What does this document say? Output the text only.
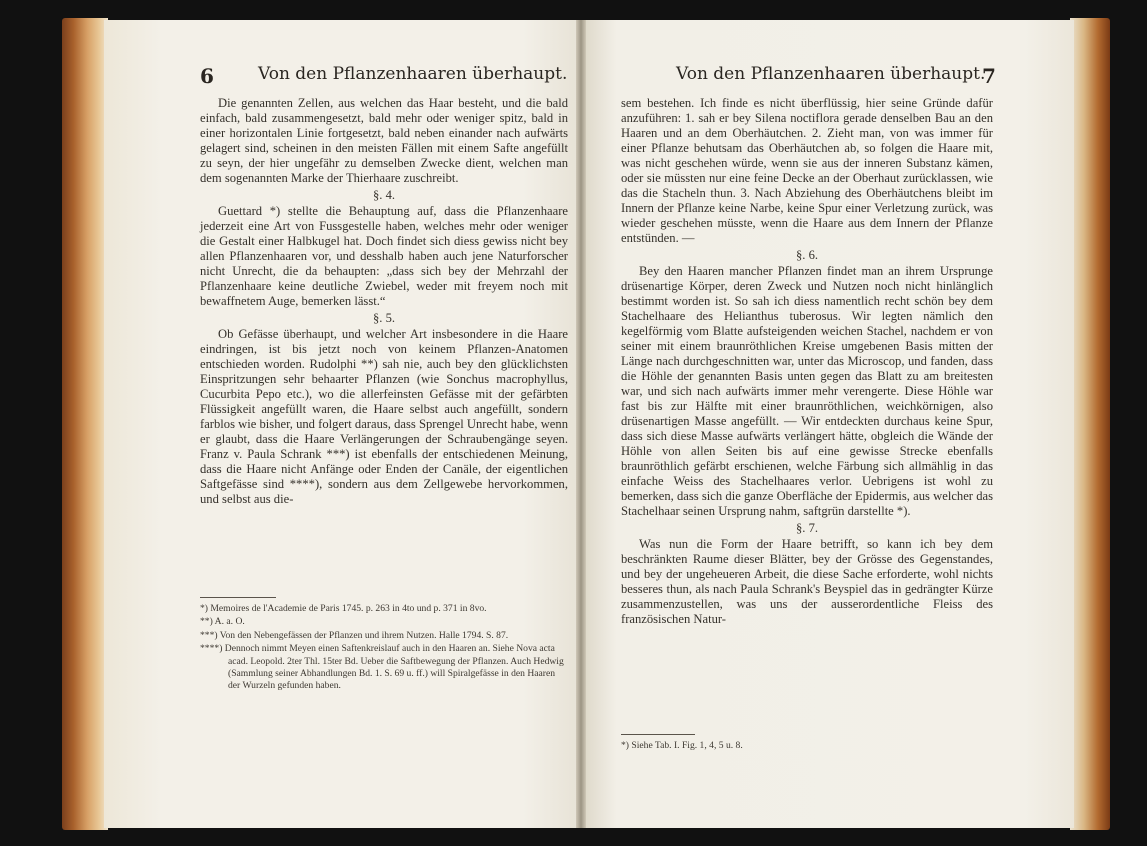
6	Von den Pflanzenhaaren überhaupt.

Die genannten Zellen, aus welchen das Haar besteht, und die bald einfach, bald zusammengesetzt, bald mehr oder weniger spitz, bald in einer horizontalen Linie fortgesetzt, bald neben einander nach aufwärts gelagert sind, scheinen in den meisten Fällen mit einem Safte angefüllt zu seyn, der hier ungefähr zu demselben Zwecke dient, welchen man dem sogenannten Marke der Thierhaare zuschreibt.

§. 4.

Guettard *) stellte die Behauptung auf, dass die Pflanzenhaare jederzeit eine Art von Fussgestelle haben, welches mehr oder weniger die Gestalt einer Halbkugel hat. Doch findet sich diess gewiss nicht bey allen Pflanzenhaaren vor, und desshalb haben auch jene Naturforscher nicht Unrecht, die da behaupten: „dass sich bey der Mehrzahl der Pflanzenhaare keine deutliche Zwiebel, weder mit freyem noch mit bewaffnetem Auge, bemerken lässt.“

§. 5.

Ob Gefässe überhaupt, und welcher Art insbesondere in die Haare eindringen, ist bis jetzt noch von keinem Pflanzen-Anatomen entschieden worden. Rudolphi **) sah nie, auch bey den glücklichsten Einspritzungen sehr behaarter Pflanzen (wie Sonchus macrophyllus, Cucurbita Pepo etc.), wo die allerfeinsten Gefässe mit der gefärbten Flüssigkeit angefüllt waren, die Haare selbst auch angefüllt, sondern farblos wie bisher, und folgert daraus, dass Sprengel Unrecht habe, wenn er glaubt, dass die Haare Verlängerungen der Schraubengänge seyen. Franz v. Paula Schrank ***) ist ebenfalls der entschiedenen Meinung, dass die Haare nicht Anfänge oder Enden der Canäle, der eigentlichen Saftgefässe sind ****), sondern aus dem Zellgewebe hervorkommen, und selbst aus die-

*) Memoires de l'Academie de Paris 1745. p. 263 in 4to und p. 371 in 8vo.

**) A. a. O.

***) Von den Nebengefässen der Pflanzen und ihrem Nutzen. Halle 1794. S. 87.

****) Dennoch nimmt Meyen einen Saftenkreislauf auch in den Haaren an. Siehe Nova acta acad. Leopold. 2ter Thl. 15ter Bd. Ueber die Saftbewegung der Pflanzen. Auch Hedwig (Sammlung seiner Abhandlungen Bd. 1. S. 69 u. ff.) will Spiralgefässe in den Haaren der Wurzeln gefunden haben.

Von den Pflanzenhaaren überhaupt.
7

sem bestehen. Ich finde es nicht überflüssig, hier seine Gründe dafür anzuführen: 1. sah er bey Silena noctiflora gerade denselben Bau an den Haaren und an dem Oberhäutchen. 2. Zieht man, von was immer für einer Pflanze behutsam das Oberhäutchen ab, so folgen die Haare mit, was nicht geschehen würde, wenn sie aus der inneren Substanz kämen, oder sie müssten nur eine feine Decke an der Oberhaut zurücklassen, wie das die Stacheln thun. 3. Nach Abziehung des Oberhäutchens bleibt im Innern der Pflanze keine Narbe, keine Spur einer Verletzung zurück, was wieder geschehen müsste, wenn die Haare aus dem Innern der Pflanze entstünden. —

§. 6.

Bey den Haaren mancher Pflanzen findet man an ihrem Ursprunge drüsenartige Körper, deren Zweck und Nutzen noch nicht hinlänglich bestimmt worden ist. So sah ich diess namentlich recht schön bey dem Stachelhaare des Helianthus tuberosus. Wir legten nämlich den kegelförmig vom Blatte aufsteigenden weichen Stachel, nachdem er von seiner mit einem braunröthlichen Kreise umgebenen Basis mitten der Länge nach durchgeschnitten war, unter das Microscop, und fanden, dass die Höhle der genannten Basis unten gegen das Blatt zu am breitesten war, und sich nach aufwärts immer mehr verengerte. Diese Höhle war fast bis zur Hälfte mit einer braunröthlichen, weichkörnigen, also drüsenartigen Masse angefüllt. — Wir entdeckten durchaus keine Spur, dass sich diese Masse aufwärts verlängert hätte, obgleich die Wände der Höhle von allen Seiten bis auf eine gewisse Strecke ebenfalls braunröthlich gefärbt erschienen, welche Färbung sich allmählig in das einfache Weiss des Stachelhaares verlor. Uebrigens ist wohl zu bemerken, dass sich die ganze Oberfläche der Epidermis, aus welcher das Stachelhaar seinen Ursprung nahm, saftgrün darstellte *).

§. 7.

Was nun die Form der Haare betrifft, so kann ich bey dem beschränkten Raume dieser Blätter, bey der Grösse des Gegenstandes, und bey der ungeheueren Arbeit, die diese Sache erforderte, wohl nichts besseres thun, als nach Paula Schrank's Beyspiel das in gedrängter Kürze zusammenzustellen, was uns der ausserordentliche Fleiss des französischen Natur-

*) Siehe Tab. I. Fig. 1, 4, 5 u. 8.
